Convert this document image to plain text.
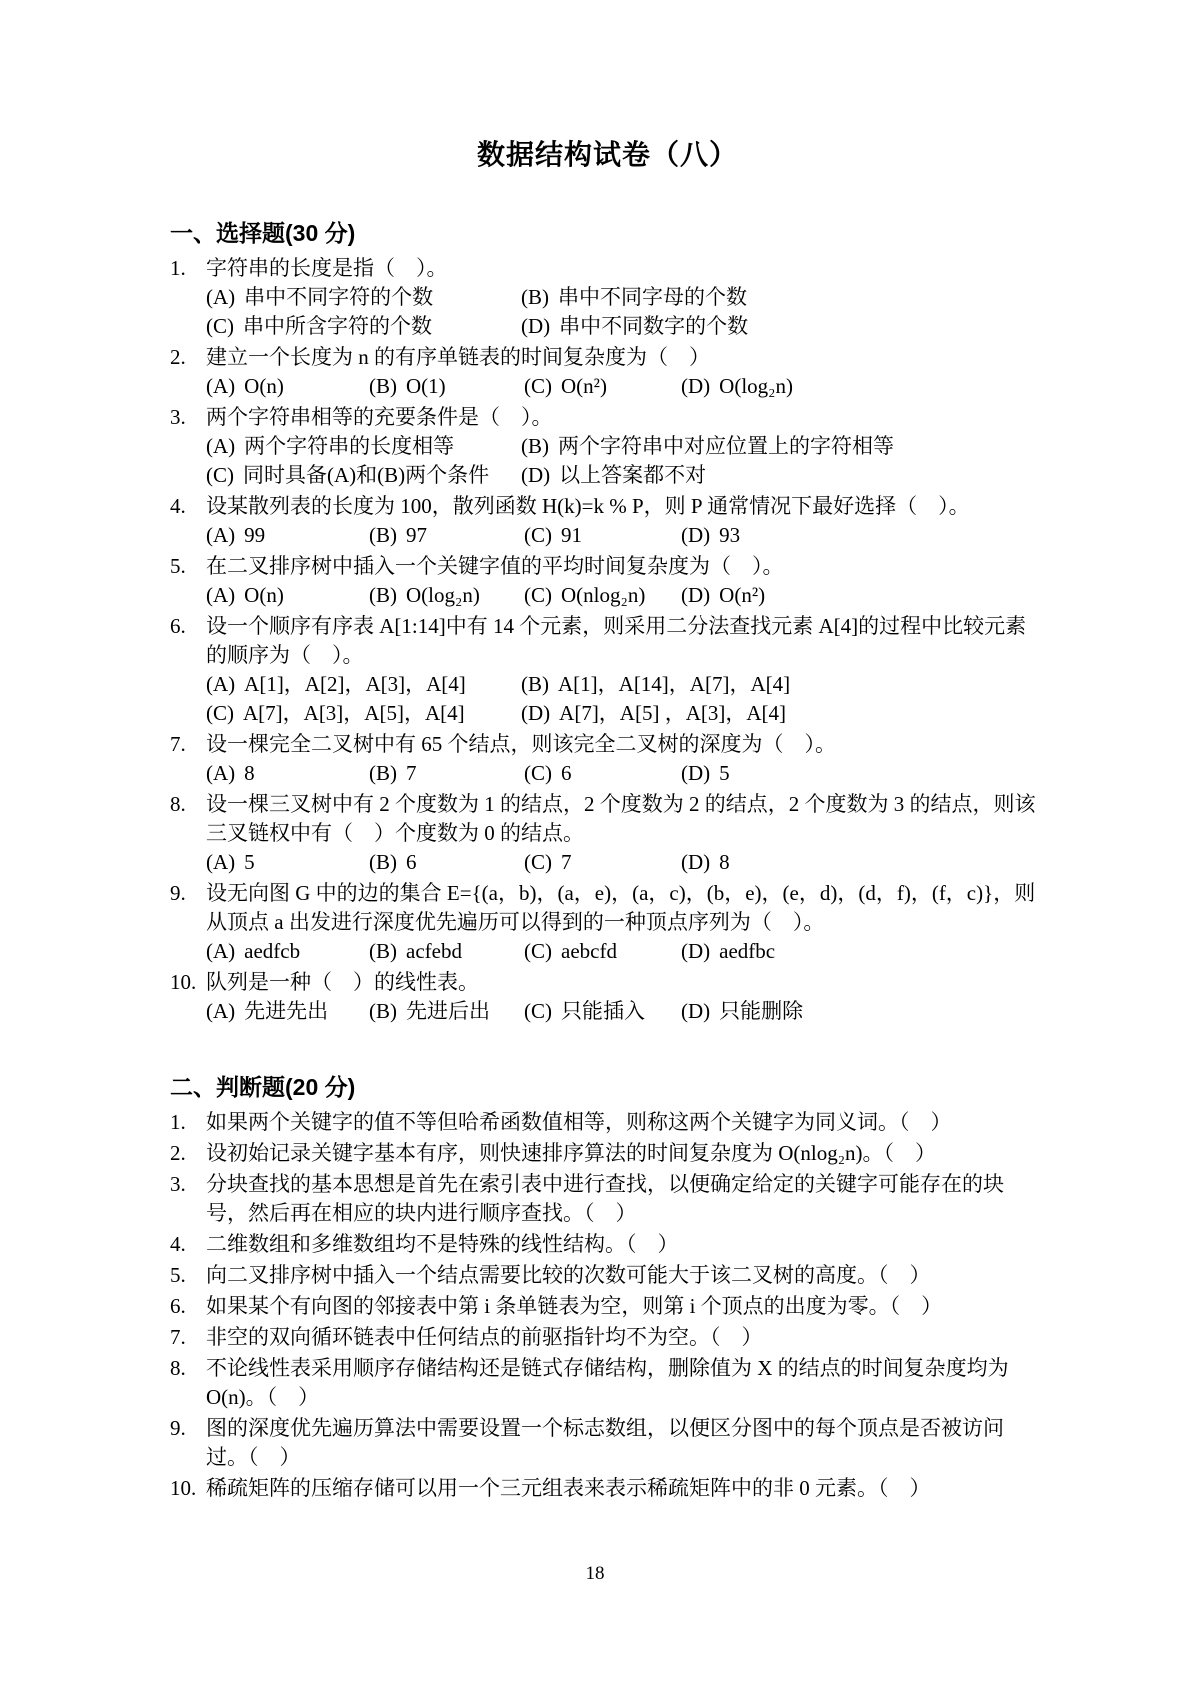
数据结构试卷（八）
一、选择题(30 分)
1. 字符串的长度是指（　）。
(A) 串中不同字符的个数	(B) 串中不同字母的个数
(C) 串中所含字符的个数	(D) 串中不同数字的个数
2. 建立一个长度为 n 的有序单链表的时间复杂度为（　）
(A) O(n)	(B) O(1)	(C) O(n²)	(D) O(log₂n)
3. 两个字符串相等的充要条件是（　）。
(A) 两个字符串的长度相等	(B) 两个字符串中对应位置上的字符相等
(C) 同时具备(A)和(B)两个条件	(D) 以上答案都不对
4. 设某散列表的长度为 100，散列函数 H(k)=k % P，则 P 通常情况下最好选择（　）。
(A) 99	(B) 97	(C) 91	(D) 93
5. 在二叉排序树中插入一个关键字值的平均时间复杂度为（　）。
(A) O(n)	(B) O(log₂n)	(C) O(nlog₂n)	(D) O(n²)
6. 设一个顺序有序表 A[1:14]中有 14 个元素，则采用二分法查找元素 A[4]的过程中比较元素的顺序为（　）。
(A) A[1]，A[2]，A[3]，A[4]	(B) A[1]，A[14]，A[7]，A[4]
(C) A[7]，A[3]，A[5]，A[4]	(D) A[7]，A[5] ，A[3]，A[4]
7. 设一棵完全二叉树中有 65 个结点，则该完全二叉树的深度为（　）。
(A) 8	(B) 7	(C) 6	(D) 5
8. 设一棵三叉树中有 2 个度数为 1 的结点，2 个度数为 2 的结点，2 个度数为 3 的结点，则该三叉链权中有（　）个度数为 0 的结点。
(A) 5	(B) 6	(C) 7	(D) 8
9. 设无向图 G 中的边的集合 E={(a，b)，(a，e)，(a，c)，(b，e)，(e，d)，(d，f)，(f，c)}，则从顶点 a 出发进行深度优先遍历可以得到的一种顶点序列为（　）。
(A) aedfcb	(B) acfebd	(C) aebcfd	(D) aedfbc
10. 队列是一种（　）的线性表。
(A) 先进先出	(B) 先进后出	(C) 只能插入	(D) 只能删除
二、判断题(20 分)
1. 如果两个关键字的值不等但哈希函数值相等，则称这两个关键字为同义词。（　）
2. 设初始记录关键字基本有序，则快速排序算法的时间复杂度为 O(nlog₂n)。（　）
3. 分块查找的基本思想是首先在索引表中进行查找，以便确定给定的关键字可能存在的块号，然后再在相应的块内进行顺序查找。（　）
4. 二维数组和多维数组均不是特殊的线性结构。（　）
5. 向二叉排序树中插入一个结点需要比较的次数可能大于该二叉树的高度。（　）
6. 如果某个有向图的邻接表中第 i 条单链表为空，则第 i 个顶点的出度为零。（　）
7. 非空的双向循环链表中任何结点的前驱指针均不为空。（　）
8. 不论线性表采用顺序存储结构还是链式存储结构，删除值为 X 的结点的时间复杂度均为 O(n)。（　）
9. 图的深度优先遍历算法中需要设置一个标志数组，以便区分图中的每个顶点是否被访问过。（　）
10. 稀疏矩阵的压缩存储可以用一个三元组表来表示稀疏矩阵中的非 0 元素。（　）
18
